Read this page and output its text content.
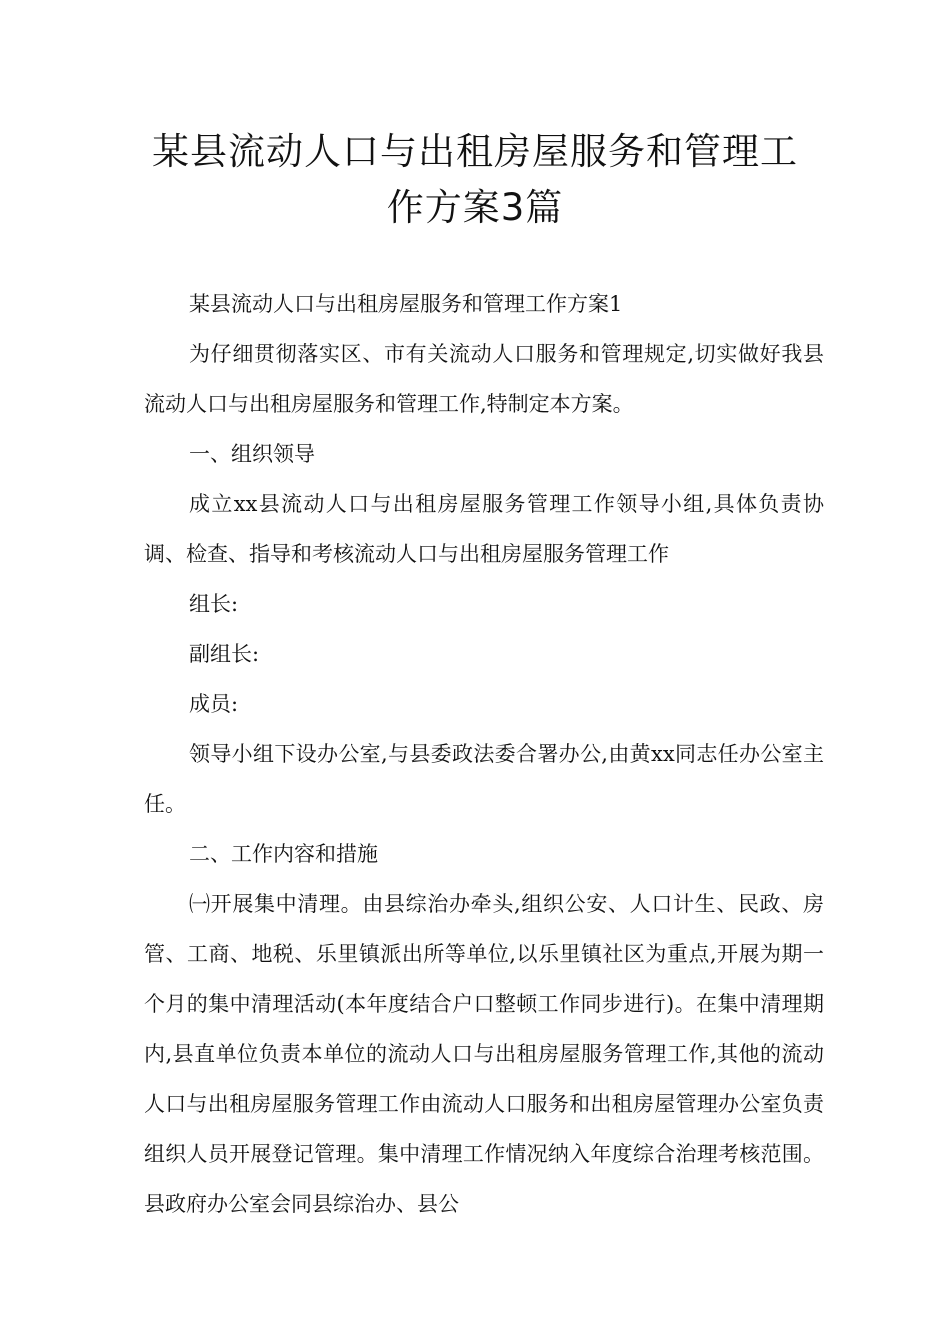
某县流动人口与出租房屋服务和管理工
作方案3篇

某县流动人口与出租房屋服务和管理工作方案1

为仔细贯彻落实区、市有关流动人口服务和管理规定,切实做好我县流动人口与出租房屋服务和管理工作,特制定本方案。

一、组织领导

成立xx县流动人口与出租房屋服务管理工作领导小组,具体负责协调、检查、指导和考核流动人口与出租房屋服务管理工作

组长:

副组长:

成员:

领导小组下设办公室,与县委政法委合署办公,由黄xx同志任办公室主任。

二、工作内容和措施

㈠开展集中清理。由县综治办牵头,组织公安、人口计生、民政、房管、工商、地税、乐里镇派出所等单位,以乐里镇社区为重点,开展为期一个月的集中清理活动(本年度结合户口整顿工作同步进行)。在集中清理期内,县直单位负责本单位的流动人口与出租房屋服务管理工作,其他的流动人口与出租房屋服务管理工作由流动人口服务和出租房屋管理办公室负责组织人员开展登记管理。集中清理工作情况纳入年度综合治理考核范围。县政府办公室会同县综治办、县公
